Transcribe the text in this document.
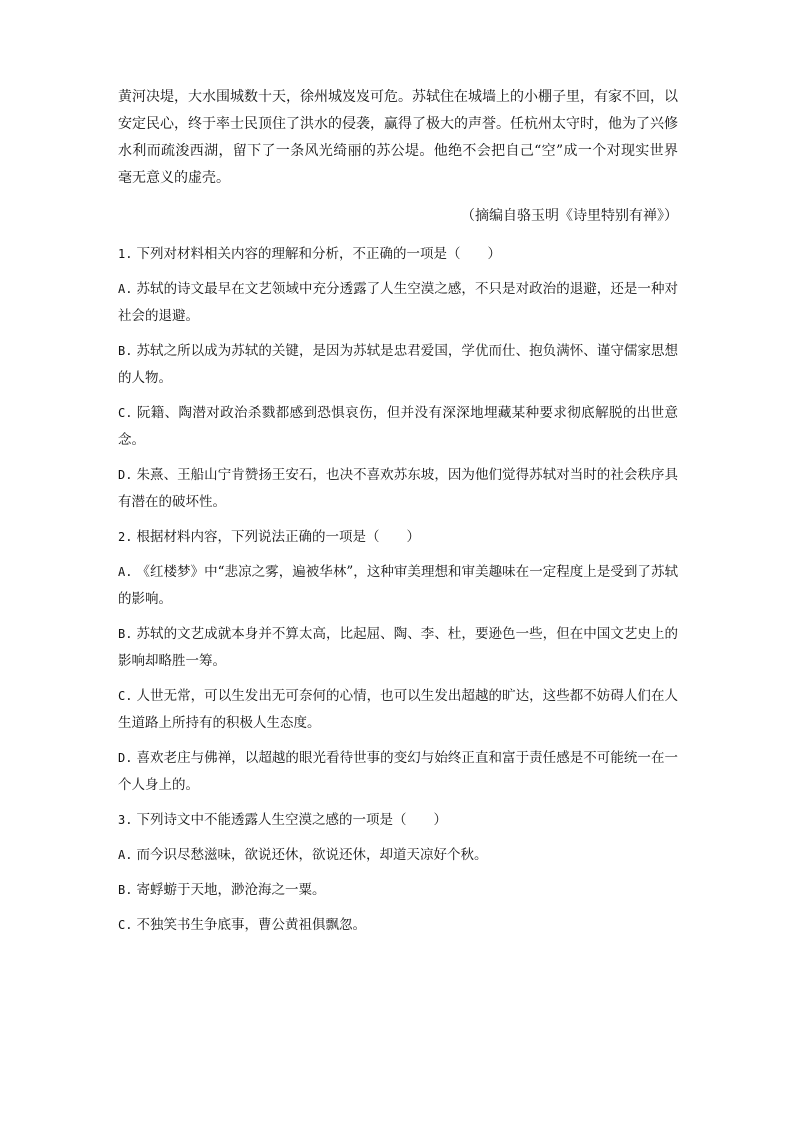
黄河决堤，大水围城数十天，徐州城岌岌可危。苏轼住在城墙上的小棚子里，有家不回，以安定民心，终于率士民顶住了洪水的侵袭，赢得了极大的声誉。任杭州太守时，他为了兴修水利而疏浚西湖，留下了一条风光绮丽的苏公堤。他绝不会把自己“空”成一个对现实世界毫无意义的虚壳。

（摘编自骆玉明《诗里特别有禅》）

1. 下列对材料相关内容的理解和分析，不正确的一项是（　　）

A. 苏轼的诗文最早在文艺领域中充分透露了人生空漠之感，不只是对政治的退避，还是一种对社会的退避。

B. 苏轼之所以成为苏轼的关键，是因为苏轼是忠君爱国，学优而仕、抱负满怀、谨守儒家思想的人物。

C. 阮籍、陶潜对政治杀戮都感到恐惧哀伤，但并没有深深地埋藏某种要求彻底解脱的出世意念。

D. 朱熹、王船山宁肯赞扬王安石，也决不喜欢苏东坡，因为他们觉得苏轼对当时的社会秩序具有潜在的破坏性。

2. 根据材料内容，下列说法正确的一项是（　　）

A. 《红楼梦》中“悲凉之雾，遍被华林”，这种审美理想和审美趣味在一定程度上是受到了苏轼的影响。

B. 苏轼的文艺成就本身并不算太高，比起屈、陶、李、杜，要逊色一些，但在中国文艺史上的影响却略胜一筹。

C. 人世无常，可以生发出无可奈何的心情，也可以生发出超越的旷达，这些都不妨碍人们在人生道路上所持有的积极人生态度。

D. 喜欢老庄与佛禅，以超越的眼光看待世事的变幻与始终正直和富于责任感是不可能统一在一个人身上的。

3. 下列诗文中不能透露人生空漠之感的一项是（　　）

A. 而今识尽愁滋味，欲说还休，欲说还休，却道天凉好个秋。

B. 寄蜉蝣于天地，渺沧海之一粟。

C. 不独笑书生争底事，曹公黄祖俱飘忽。
